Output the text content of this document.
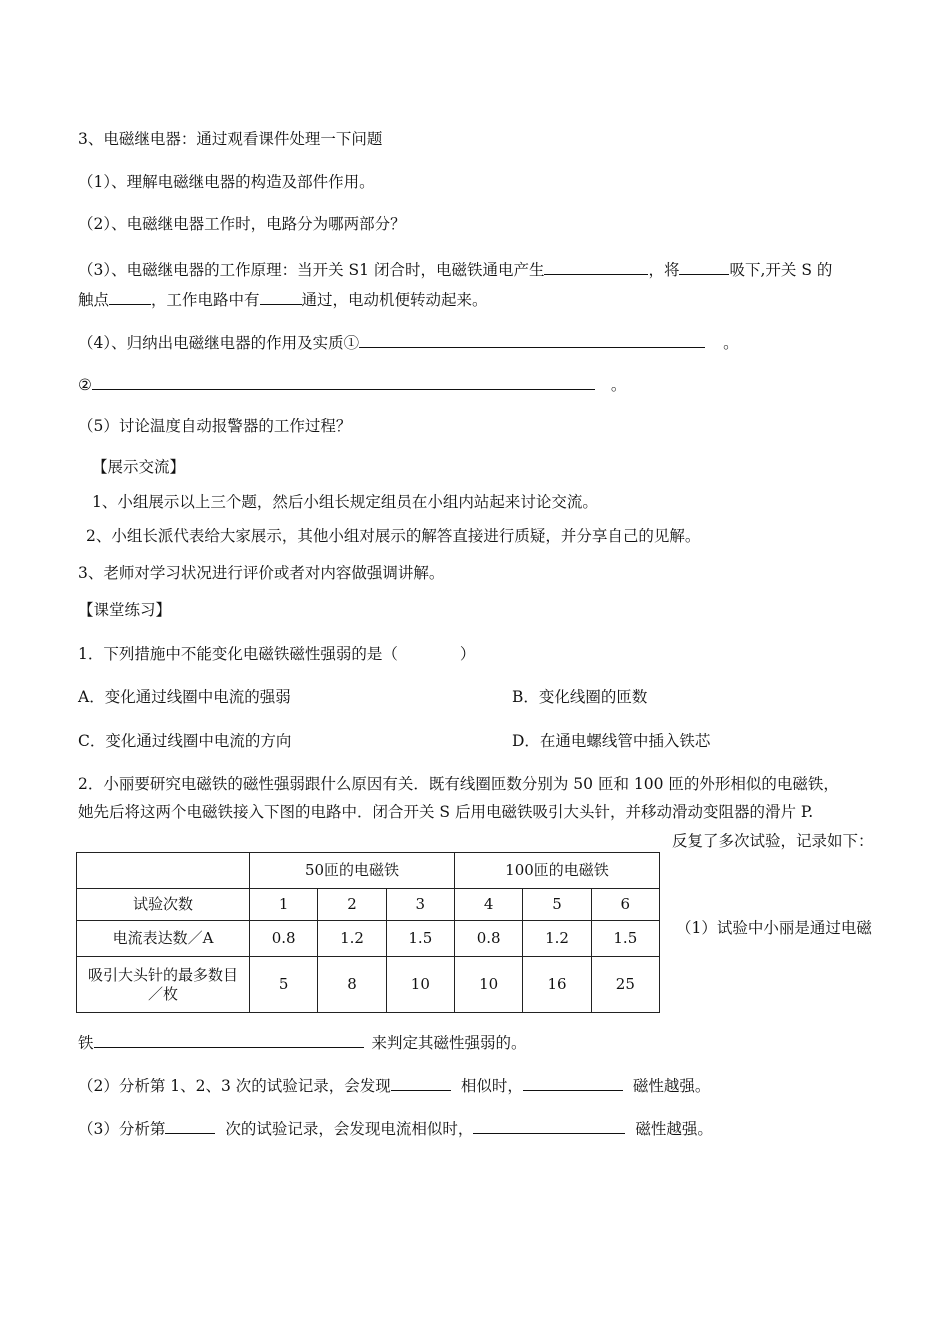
3、电磁继电器：通过观看课件处理一下问题
（1）、理解电磁继电器的构造及部件作用。
（2）、电磁继电器工作时，电路分为哪两部分？
（3）、电磁继电器的工作原理：当开关 S1 闭合时，电磁铁通电产生	，将	吸下,开关 S 的
触点	，工作电路中有	通过，电动机便转动起来。
（4）、归纳出电磁继电器的作用及实质①	。
②	。
（5）讨论温度自动报警器的工作过程？
【展示交流】
1、小组展示以上三个题，然后小组长规定组员在小组内站起来讨论交流。
2、小组长派代表给大家展示，其他小组对展示的解答直接进行质疑，并分享自己的见解。
3、老师对学习状况进行评价或者对内容做强调讲解。
【课堂练习】
1．下列措施中不能变化电磁铁磁性强弱的是（　　　　）
A．变化通过线圈中电流的强弱	B．变化线圈的匝数
C．变化通过线圈中电流的方向	D．在通电螺线管中插入铁芯
2．小丽要研究电磁铁的磁性强弱跟什么原因有关．既有线圈匝数分别为 50 匝和 100 匝的外形相似的电磁铁，
她先后将这两个电磁铁接入下图的电路中．闭合开关 S 后用电磁铁吸引大头针，并移动滑动变阻器的滑片 P.
反复了多次试验，记录如下：
	50匝的电磁铁			100匝的电磁铁		
试验次数	1	2	3	4	5	6
电流表达数／A	0.8	1.2	1.5	0.8	1.2	1.5

吸引大头针的最多数目
／枚	5	8	10	10	16	25
（1）试验中小丽是通过电磁
铁	来判定其磁性强弱的。
（2）分析第 1、2、3 次的试验记录，会发现	相似时，	磁性越强。
（3）分析第	次的试验记录，会发现电流相似时，	磁性越强。
